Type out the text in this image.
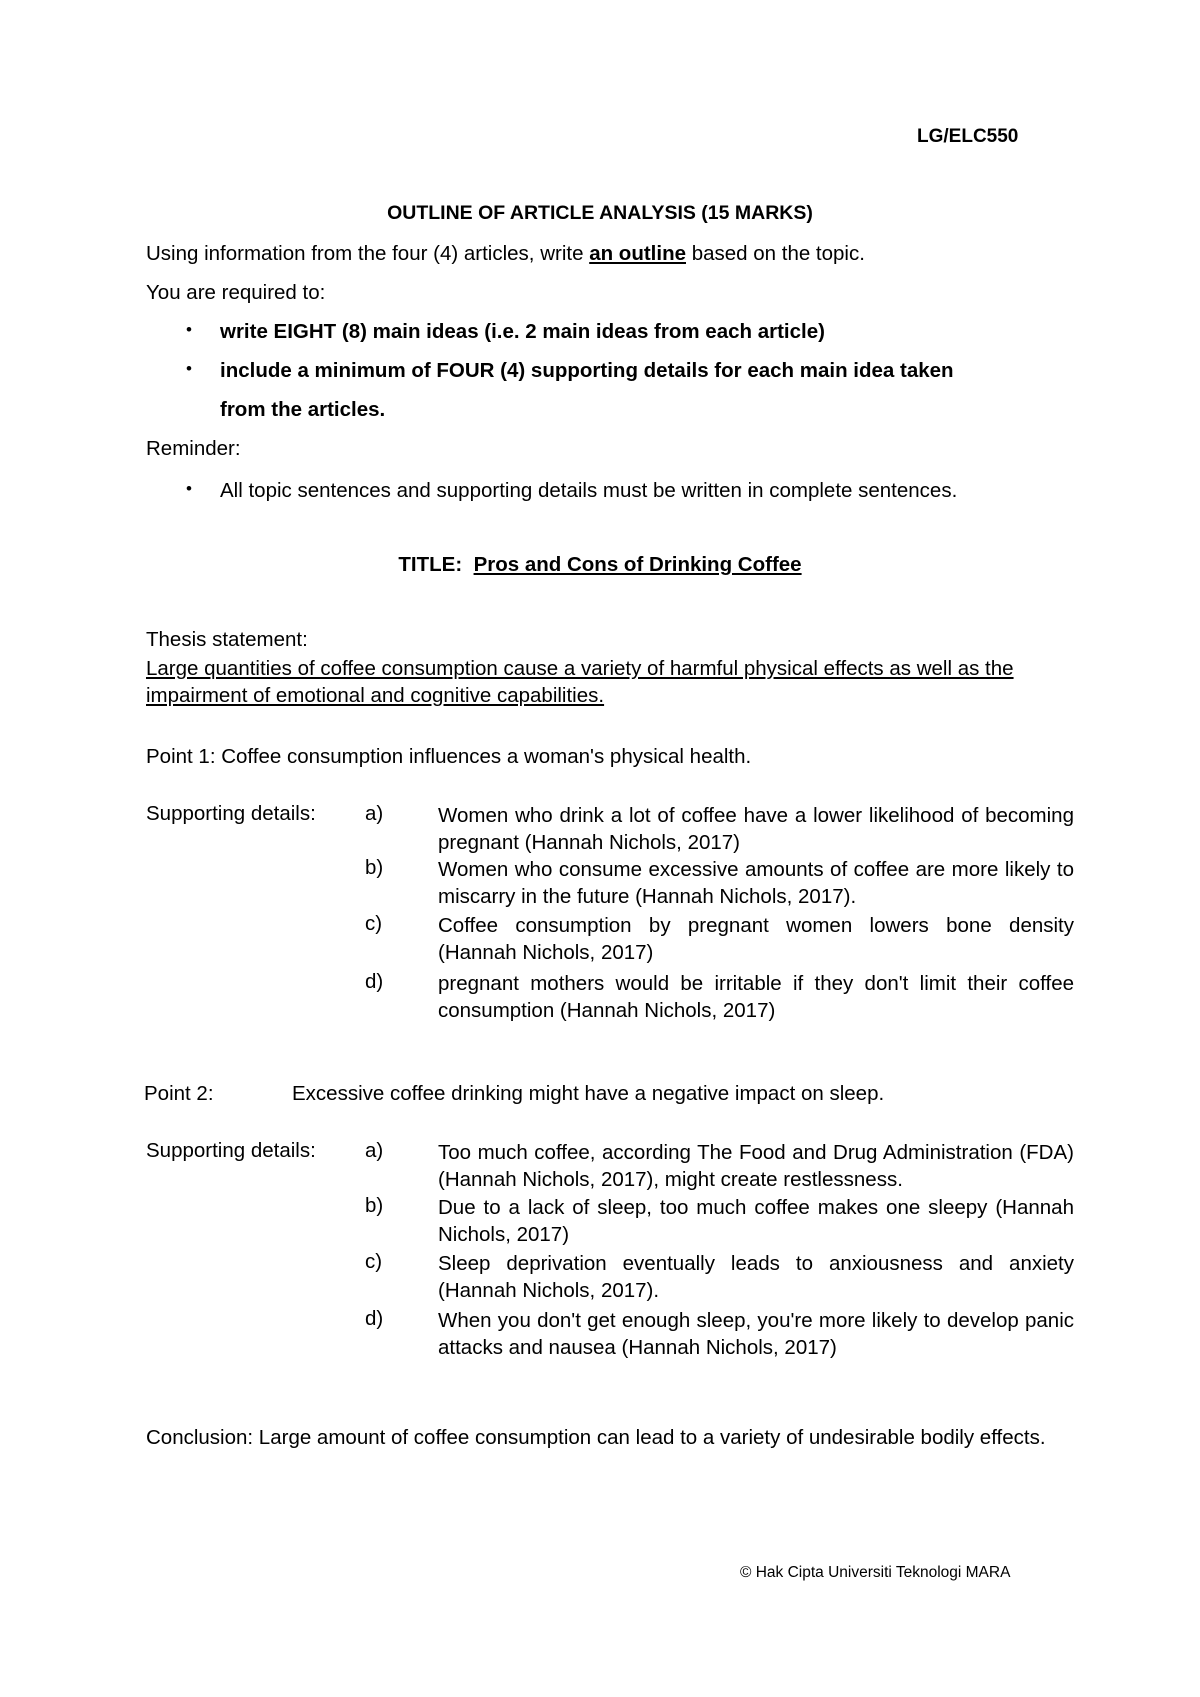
LG/ELC550
OUTLINE OF ARTICLE ANALYSIS (15 MARKS)
Using information from the four (4) articles, write an outline based on the topic.
You are required to:
• write EIGHT (8) main ideas (i.e. 2 main ideas from each article)
• include a minimum of FOUR (4) supporting details for each main idea taken
from the articles.
Reminder:
• All topic sentences and supporting details must be written in complete sentences.
TITLE: Pros and Cons of Drinking Coffee
Thesis statement:
Large quantities of coffee consumption cause a variety of harmful physical effects as well as the impairment of emotional and cognitive capabilities.
Point 1: Coffee consumption influences a woman's physical health.
Supporting details: a)	Women who drink a lot of coffee have a lower likelihood of becoming pregnant (Hannah Nichols, 2017)
b)	Women who consume excessive amounts of coffee are more likely to miscarry in the future (Hannah Nichols, 2017).
c)	Coffee consumption by pregnant women lowers bone density (Hannah Nichols, 2017)
d)	pregnant mothers would be irritable if they don't limit their coffee consumption (Hannah Nichols, 2017)
Point 2:	Excessive coffee drinking might have a negative impact on sleep.
Supporting details: a)	Too much coffee, according The Food and Drug Administration (FDA) (Hannah Nichols, 2017), might create restlessness.
b)	Due to a lack of sleep, too much coffee makes one sleepy (Hannah Nichols, 2017)
c)	Sleep deprivation eventually leads to anxiousness and anxiety (Hannah Nichols, 2017).
d)	When you don't get enough sleep, you're more likely to develop panic attacks and nausea (Hannah Nichols, 2017)
Conclusion: Large amount of coffee consumption can lead to a variety of undesirable bodily effects.
© Hak Cipta Universiti Teknologi MARA
